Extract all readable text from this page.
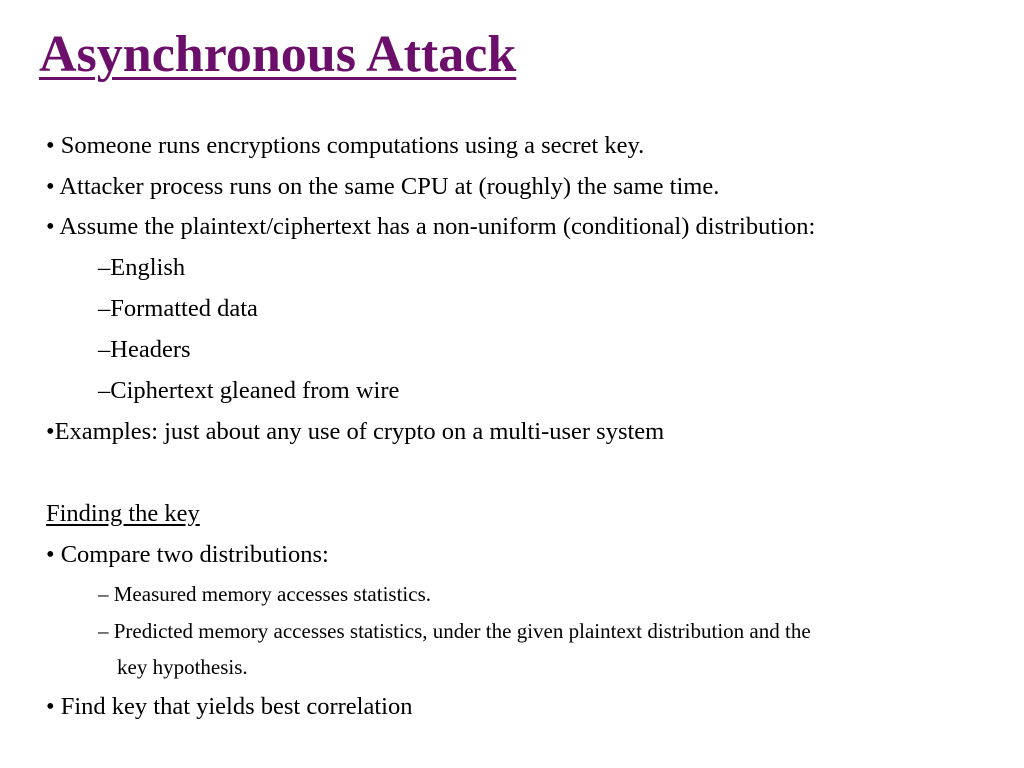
Asynchronous Attack
• Someone runs encryptions computations using a secret key.
• Attacker process runs on the same CPU at (roughly) the same time.
• Assume the plaintext/ciphertext has a non-uniform (conditional) distribution:
–English
–Formatted data
–Headers
–Ciphertext gleaned from wire
•Examples: just about any use of crypto on a multi-user system
Finding the key
• Compare two distributions:
– Measured memory accesses statistics.
– Predicted memory accesses statistics, under the given plaintext distribution and the
key hypothesis.
• Find key that yields best correlation
